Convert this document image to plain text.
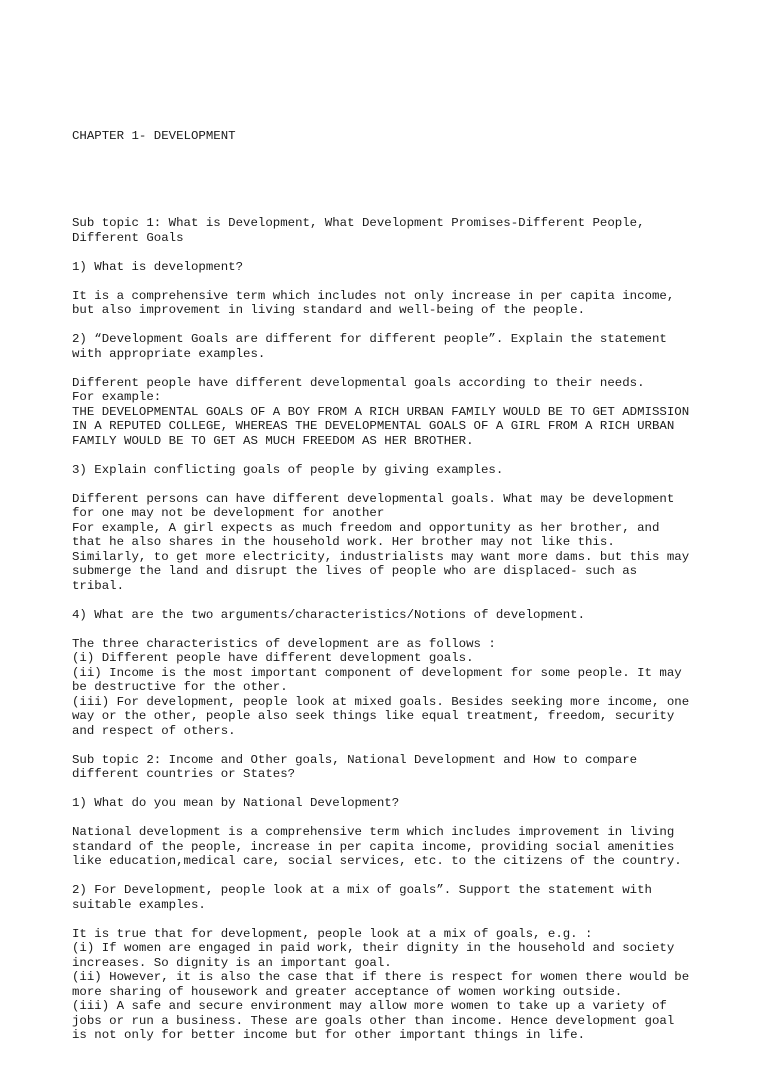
CHAPTER 1- DEVELOPMENT

Sub topic 1: What is Development, What Development Promises-Different People,
Different Goals
1) What is development?
It is a comprehensive term which includes not only increase in per capita income,
but also improvement in living standard and well-being of the people.
2) “Development Goals are different for different people”. Explain the statement
with appropriate examples.
Different people have different developmental goals according to their needs.
For example:
THE DEVELOPMENTAL GOALS OF A BOY FROM A RICH URBAN FAMILY WOULD BE TO GET ADMISSION
IN A REPUTED COLLEGE, WHEREAS THE DEVELOPMENTAL GOALS OF A GIRL FROM A RICH URBAN
FAMILY WOULD BE TO GET AS MUCH FREEDOM AS HER BROTHER.
3) Explain conflicting goals of people by giving examples.
Different persons can have different developmental goals. What may be development
for one may not be development for another
For example, A girl expects as much freedom and opportunity as her brother, and
that he also shares in the household work. Her brother may not like this.
Similarly, to get more electricity, industrialists may want more dams. but this may
submerge the land and disrupt the lives of people who are displaced- such as
tribal.
4) What are the two arguments/characteristics/Notions of development.
The three characteristics of development are as follows :
(i) Different people have different development goals.
(ii) Income is the most important component of development for some people. It may
be destructive for the other.
(iii) For development, people look at mixed goals. Besides seeking more income, one
way or the other, people also seek things like equal treatment, freedom, security
and respect of others.
Sub topic 2: Income and Other goals, National Development and How to compare
different countries or States?
1) What do you mean by National Development?
National development is a comprehensive term which includes improvement in living
standard of the people, increase in per capita income, providing social amenities
like education,medical care, social services, etc. to the citizens of the country.
2) For Development, people look at a mix of goals”. Support the statement with
suitable examples.
It is true that for development, people look at a mix of goals, e.g. :
(i) If women are engaged in paid work, their dignity in the household and society
increases. So dignity is an important goal.
(ii) However, it is also the case that if there is respect for women there would be
more sharing of housework and greater acceptance of women working outside.
(iii) A safe and secure environment may allow more women to take up a variety of
jobs or run a business. These are goals other than income. Hence development goal
is not only for better income but for other important things in life.
